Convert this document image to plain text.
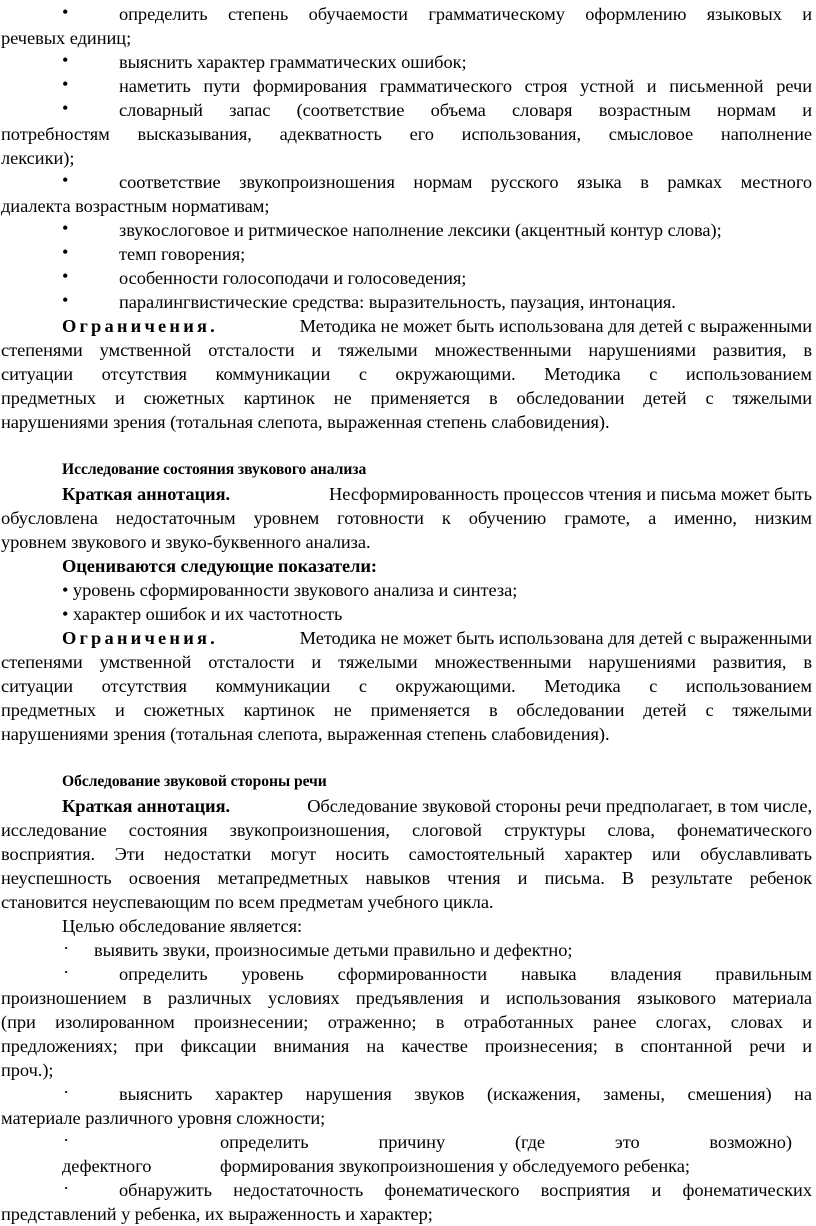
•	определить степень обучаемости грамматическому оформлению языковых и
речевых единиц;
•	выяснить характер грамматических ошибок;
•	наметить пути формирования грамматического строя устной и письменной речи
•	словарный запас (соответствие объема словаря возрастным нормам и
потребностям высказывания, адекватность его использования, смысловое наполнение
лексики);
•	соответствие звукопроизношения нормам русского языка в рамках местного
диалекта возрастным нормативам;
•	звукослоговое и ритмическое наполнение лексики (акцентный контур слова);
•	темп говорения;
•	особенности голосоподачи и голосоведения;
•	паралингвистические средства: выразительность, паузация, интонация.
Ограничения.	Методика не может быть использована для детей с выраженными
степенями умственной отсталости и тяжелыми множественными нарушениями развития, в
ситуации отсутствия коммуникации с окружающими. Методика с использованием
предметных и сюжетных картинок не применяется в обследовании детей с тяжелыми
нарушениями зрения (тотальная слепота, выраженная степень слабовидения).
Исследование состояния звукового анализа
Краткая аннотация.	Несформированность процессов чтения и письма может быть
обусловлена недостаточным уровнем готовности к обучению грамоте, а именно, низким
уровнем звукового и звуко-буквенного анализа.
Оцениваются следующие показатели:
• уровень сформированности звукового анализа и синтеза;
• характер ошибок и их частотность
Ограничения.	Методика не может быть использована для детей с выраженными
степенями умственной отсталости и тяжелыми множественными нарушениями развития, в
ситуации отсутствия коммуникации с окружающими. Методика с использованием
предметных и сюжетных картинок не применяется в обследовании детей с тяжелыми
нарушениями зрения (тотальная слепота, выраженная степень слабовидения).
Обследование звуковой стороны речи
Краткая аннотация.	Обследование звуковой стороны речи предполагает, в том числе,
исследование состояния звукопроизношения, слоговой структуры слова, фонематического
восприятия. Эти недостатки могут носить самостоятельный характер или обуславливать
неуспешность освоения метапредметных навыков чтения и письма. В результате ребенок
становится неуспевающим по всем предметам учебного цикла.
Целью обследование является:
· выявить звуки, произносимые детьми правильно и дефектно;
·	определить уровень сформированности навыка владения правильным
произношением в различных условиях предъявления и использования языкового материала
(при изолированном произнесении; отраженно; в отработанных ранее слогах, словах и
предложениях; при фиксации внимания на качестве произнесения; в спонтанной речи и
проч.);
·	выяснить характер нарушения звуков (искажения, замены, смешения) на
материале различного уровня сложности;
·	определить	причину	(где	это	возможно)
дефектного	формирования звукопроизношения у обследуемого ребенка;
·	обнаружить недостаточность фонематического восприятия и фонематических
представлений у ребенка, их выраженность и характер;
